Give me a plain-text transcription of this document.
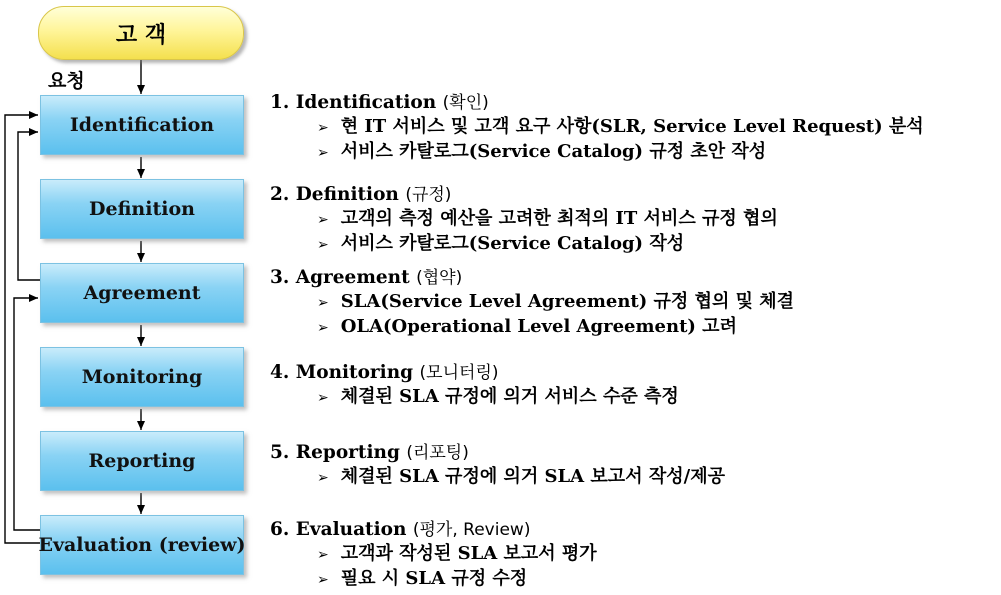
고 객
요청
Identification
Definition
Agreement
Monitoring
Reporting
Evaluation (review)
1. Identification (확인)
➢ 현 IT 서비스 및 고객 요구 사항(SLR, Service Level Request) 분석
➢ 서비스 카탈로그(Service Catalog) 규정 초안 작성
2. Definition (규정)
➢ 고객의 측정 예산을 고려한 최적의 IT 서비스 규정 협의
➢ 서비스 카탈로그(Service Catalog) 작성
3. Agreement (협약)
➢ SLA(Service Level Agreement) 규정 협의 및 체결
➢ OLA(Operational Level Agreement) 고려
4. Monitoring (모니터링)
➢ 체결된 SLA 규정에 의거 서비스 수준 측정
5. Reporting (리포팅)
➢ 체결된 SLA 규정에 의거 SLA 보고서 작성/제공
6. Evaluation (평가, Review)
➢ 고객과 작성된 SLA 보고서 평가
➢ 필요 시 SLA 규정 수정
